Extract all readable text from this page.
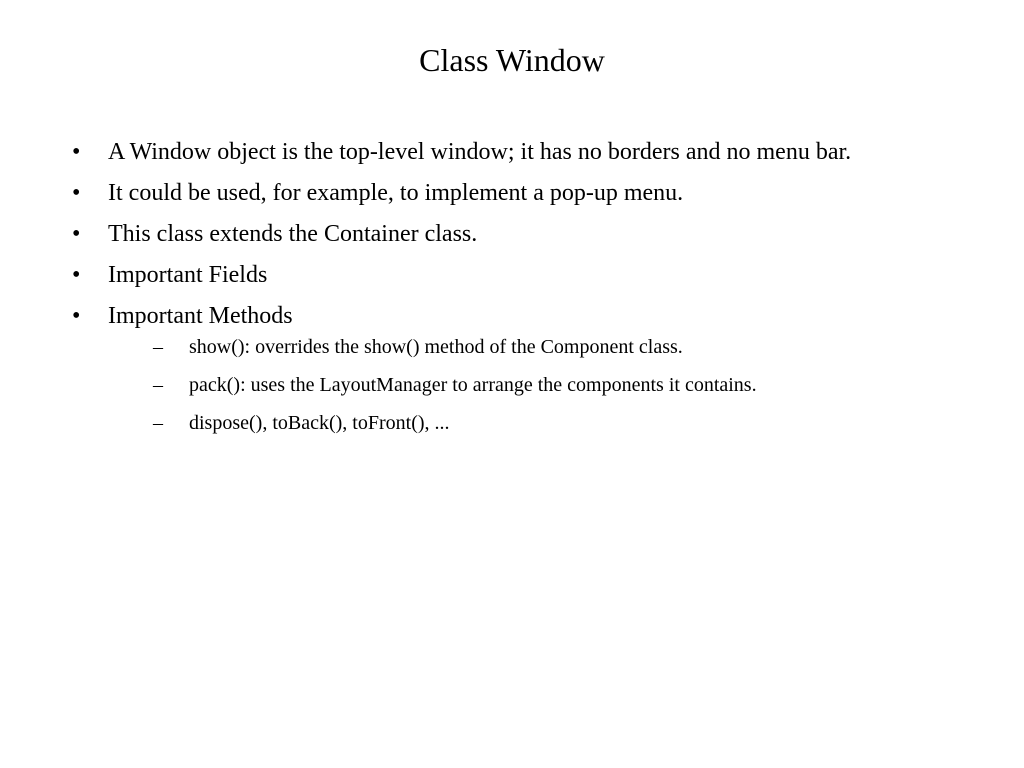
Class Window
•	A Window object is the top-level window; it has no borders and no menu bar.
•	It could be used, for example, to implement a pop-up menu.
•	This class extends the Container class.
•	Important Fields
•	Important Methods
–	show(): overrides the show() method of the Component class.
–	pack(): uses the LayoutManager to arrange the components it contains.
–	dispose(), toBack(), toFront(), ...
